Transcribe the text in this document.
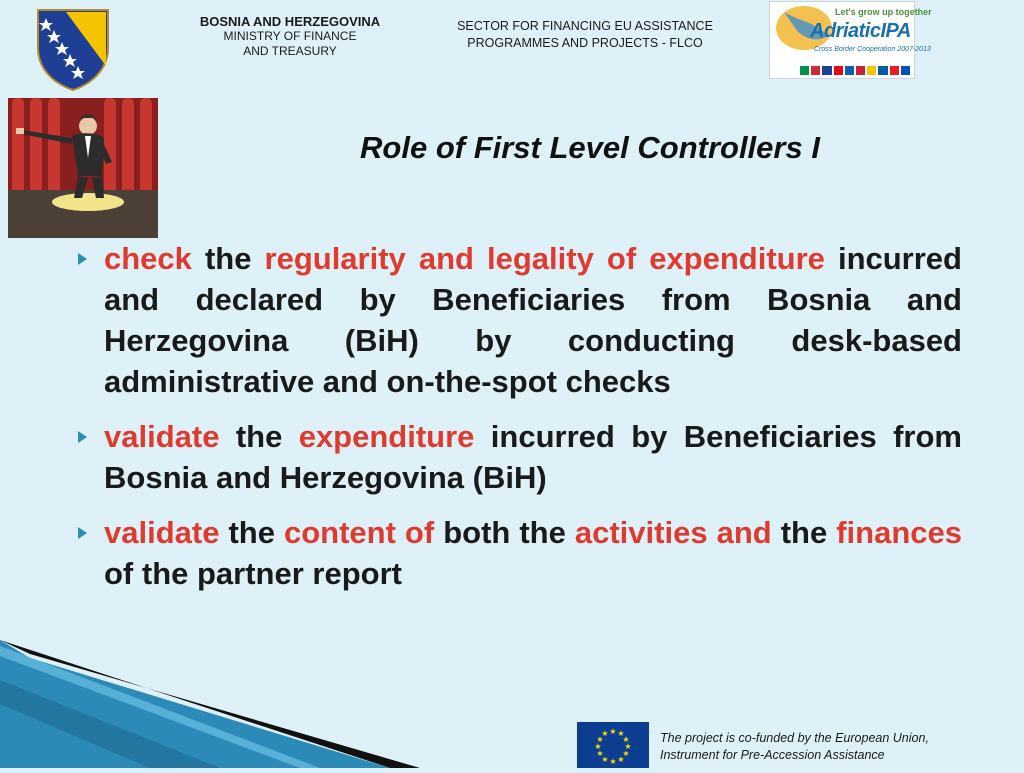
BOSNIA AND HERZEGOVINA
MINISTRY OF FINANCE
AND TREASURY
SECTOR FOR FINANCING EU ASSISTANCE
PROGRAMMES AND PROJECTS - FLCO
Let's grow up together
AdriaticIPA
Cross Border Cooperation 2007-2013
Role of First Level Controllers I
check the regularity and legality of expenditure incurred and declared by Beneficiaries from Bosnia and Herzegovina (BiH) by conducting desk-based administrative and on-the-spot checks
validate the expenditure incurred by Beneficiaries from Bosnia and Herzegovina (BiH)
validate the content of both the activities and the finances of the partner report
★ ★
★
★
★
★
★
★
★
★
★
★	The project is co-funded by the European Union,
Instrument for Pre-Accession Assistance
